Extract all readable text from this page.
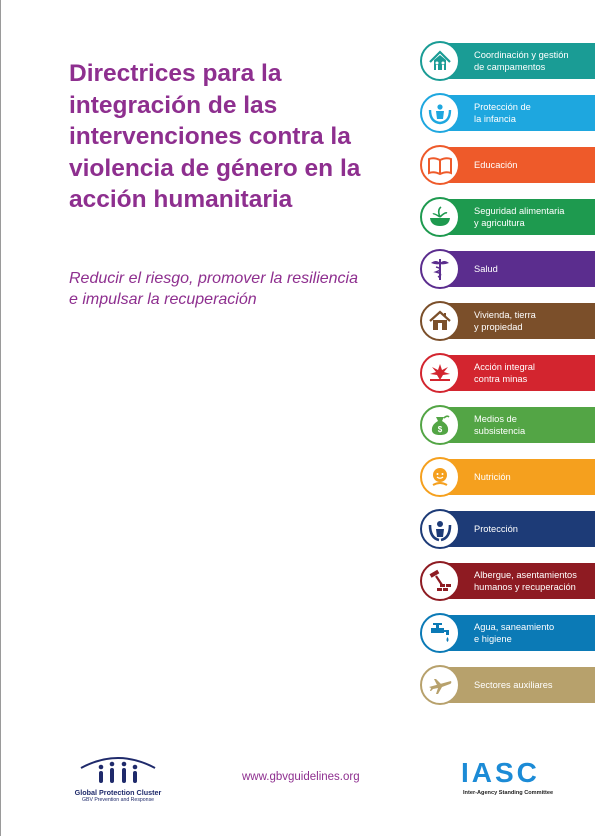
Directrices para la integración de las intervenciones contra la violencia de género en la acción humanitaria

Reducir el riesgo, promover la resiliencia e impulsar la recuperación

Coordinación y gestión
de campamentos
Protección de
la infancia
Educación
Seguridad alimentaria
y agricultura
Salud
Vivienda, tierra
y propiedad
Acción integral
contra minas
Medios de
subsistencia
$
Nutrición
Protección
Albergue, asentamientos
humanos y recuperación
Agua, saneamiento
e higiene
Sectores auxiliares
Global Protection Cluster
GBV Prevention and Response
www.gbvguidelines.org	IASC
Inter-Agency Standing Committee
